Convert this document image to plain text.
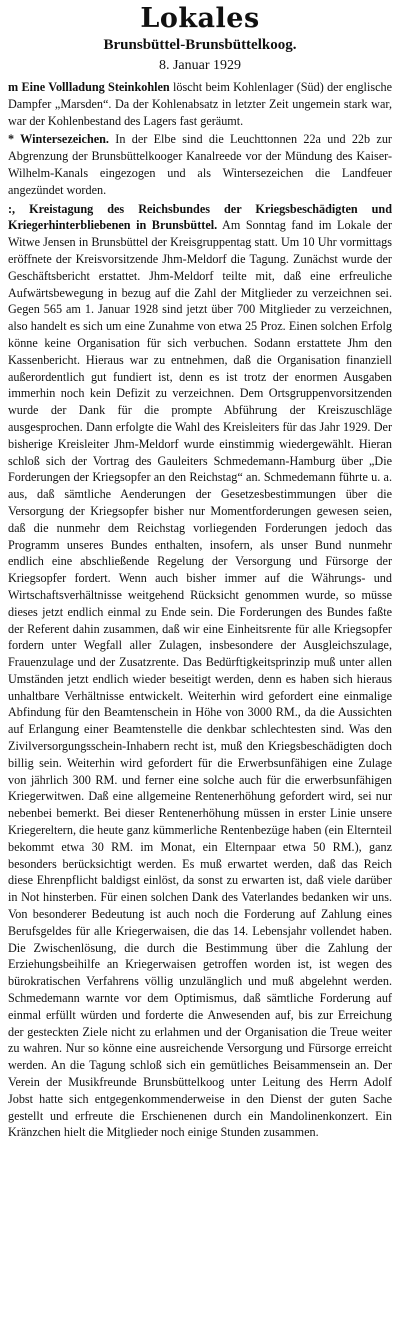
Lokales
Brunsbüttel-Brunsbüttelkoog.
8. Januar 1929

m Eine Vollladung Steinkohlen löscht beim Kohlenlager (Süd) der englische Dampfer „Marsden“. Da der Kohlenabsatz in letzter Zeit ungemein stark war, war der Kohlenbestand des Lagers fast geräumt.

* Wintersezeichen. In der Elbe sind die Leuchttonnen 22a und 22b zur Abgrenzung der Brunsbüttelkooger Kanalreede vor der Mündung des Kaiser-Wilhelm-Kanals eingezogen und als Wintersezeichen die Landfeuer angezündet worden.

:, Kreistagung des Reichsbundes der Kriegsbeschädigten und Kriegerhinterbliebenen in Brunsbüttel. Am Sonntag fand im Lokale der Witwe Jensen in Brunsbüttel der Kreisgruppentag statt. Um 10 Uhr vormittags eröffnete der Kreisvorsitzende Jhm-Meldorf die Tagung. Zunächst wurde der Geschäftsbericht erstattet. Jhm-Meldorf teilte mit, daß eine erfreuliche Aufwärtsbewegung in bezug auf die Zahl der Mitglieder zu verzeichnen sei. Gegen 565 am 1. Januar 1928 sind jetzt über 700 Mitglieder zu verzeichnen, also handelt es sich um eine Zunahme von etwa 25 Proz. Einen solchen Erfolg könne keine Organisation für sich verbuchen. Sodann erstattete Jhm den Kassenbericht. Hieraus war zu entnehmen, daß die Organisation finanziell außerordentlich gut fundiert ist, denn es ist trotz der enormen Ausgaben immerhin noch kein Defizit zu verzeichnen. Dem Ortsgruppenvorsitzenden wurde der Dank für die prompte Abführung der Kreiszuschläge ausgesprochen. Dann erfolgte die Wahl des Kreisleiters für das Jahr 1929. Der bisherige Kreisleiter Jhm-Meldorf wurde einstimmig wiedergewählt. Hieran schloß sich der Vortrag des Gauleiters Schmedemann-Hamburg über „Die Forderungen der Kriegsopfer an den Reichstag“ an. Schmedemann führte u. a. aus, daß sämtliche Aenderungen der Gesetzesbestimmungen über die Versorgung der Kriegsopfer bisher nur Momentforderungen gewesen seien, daß die nunmehr dem Reichstag vorliegenden Forderungen jedoch das Programm unseres Bundes enthalten, insofern, als unser Bund nunmehr endlich eine abschließende Regelung der Versorgung und Fürsorge der Kriegsopfer fordert. Wenn auch bisher immer auf die Währungs- und Wirtschaftsverhältnisse weitgehend Rücksicht genommen wurde, so müsse dieses jetzt endlich einmal zu Ende sein. Die Forderungen des Bundes faßte der Referent dahin zusammen, daß wir eine Einheitsrente für alle Kriegsopfer fordern unter Wegfall aller Zulagen, insbesondere der Ausgleichszulage, Frauenzulage und der Zusatzrente. Das Bedürftigkeitsprinzip muß unter allen Umständen jetzt endlich wieder beseitigt werden, denn es haben sich hieraus unhaltbare Verhältnisse entwickelt. Weiterhin wird gefordert eine einmalige Abfindung für den Beamtenschein in Höhe von 3000 RM., da die Aussichten auf Erlangung einer Beamtenstelle die denkbar schlechtesten sind. Was den Zivilversorgungsschein-Inhabern recht ist, muß den Kriegsbeschädigten doch billig sein. Weiterhin wird gefordert für die Erwerbsunfähigen eine Zulage von jährlich 300 RM. und ferner eine solche auch für die erwerbsunfähigen Kriegerwitwen. Daß eine allgemeine Rentenerhöhung gefordert wird, sei nur nebenbei bemerkt. Bei dieser Rentenerhöhung müssen in erster Linie unsere Kriegereltern, die heute ganz kümmerliche Rentenbezüge haben (ein Elternteil bekommt etwa 30 RM. im Monat, ein Elternpaar etwa 50 RM.), ganz besonders berücksichtigt werden. Es muß erwartet werden, daß das Reich diese Ehrenpflicht baldigst einlöst, da sonst zu erwarten ist, daß viele darüber in Not hinsterben. Für einen solchen Dank des Vaterlandes bedanken wir uns. Von besonderer Bedeutung ist auch noch die Forderung auf Zahlung eines Berufsgeldes für alle Kriegerwaisen, die das 14. Lebensjahr vollendet haben. Die Zwischenlösung, die durch die Bestimmung über die Zahlung der Erziehungsbeihilfe an Kriegerwaisen getroffen worden ist, ist wegen des bürokratischen Verfahrens völlig unzulänglich und muß abgelehnt werden. Schmedemann warnte vor dem Optimismus, daß sämtliche Forderung auf einmal erfüllt würden und forderte die Anwesenden auf, bis zur Erreichung der gesteckten Ziele nicht zu erlahmen und der Organisation die Treue weiter zu wahren. Nur so könne eine ausreichende Versorgung und Fürsorge erreicht werden. An die Tagung schloß sich ein gemütliches Beisammensein an. Der Verein der Musikfreunde Brunsbüttelkoog unter Leitung des Herrn Adolf Jobst hatte sich entgegenkommenderweise in den Dienst der guten Sache gestellt und erfreute die Erschienenen durch ein Mandolinenkonzert. Ein Kränzchen hielt die Mitglieder noch einige Stunden zusammen.
